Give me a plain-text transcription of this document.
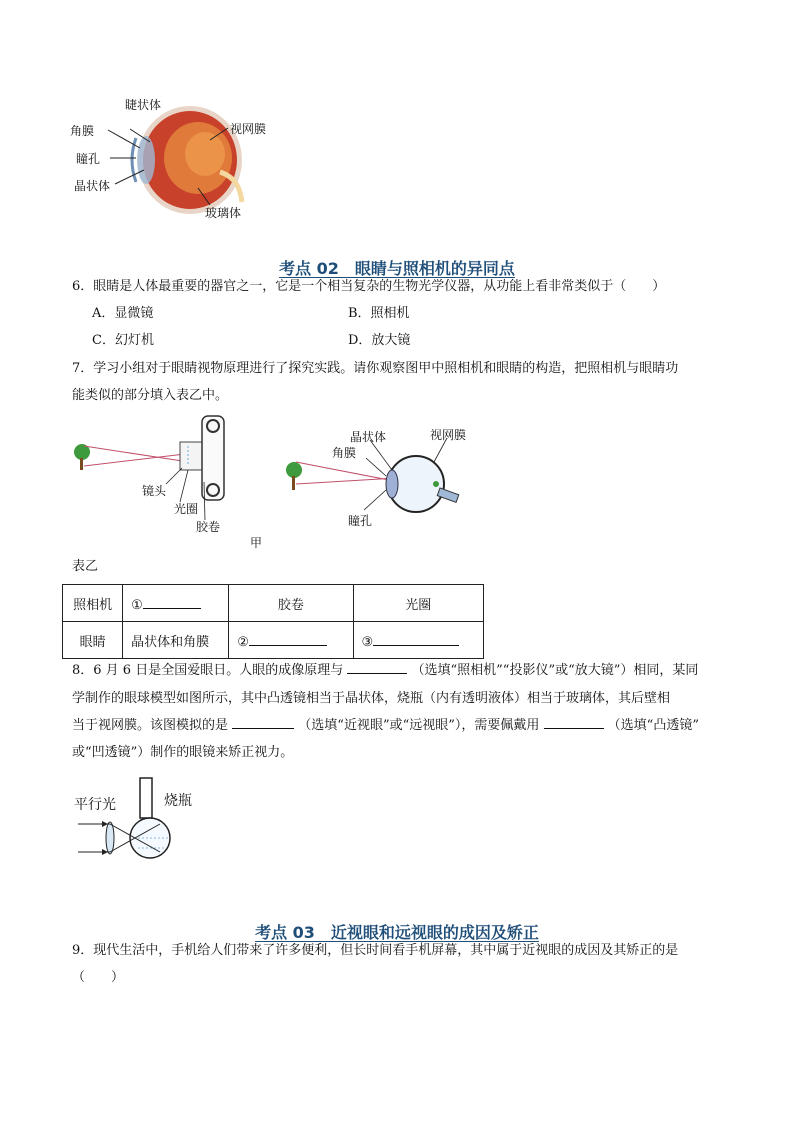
睫状体
角膜
瞳孔
晶状体
视网膜
玻璃体
考点 02　眼睛与照相机的异同点
6．眼睛是人体最重要的器官之一，它是一个相当复杂的生物光学仪器，从功能上看非常类似于（　　）
A．显微镜	B．照相机
C．幻灯机	D．放大镜
7．学习小组对于眼睛视物原理进行了探究实践。请你观察图甲中照相机和眼睛的构造，把照相机与眼睛功
能类似的部分填入表乙中。
镜头
光圈
胶卷
晶状体
角膜
瞳孔
视网膜
甲
表乙
照相机	①	胶卷	光圈
眼睛	晶状体和角膜	②	③
8．6 月 6 日是全国爱眼日。人眼的成像原理与	（选填“照相机”“投影仪”或“放大镜”）相同，某同
学制作的眼球模型如图所示，其中凸透镜相当于晶状体，烧瓶（内有透明液体）相当于玻璃体，其后壁相
当于视网膜。该图模拟的是	（选填“近视眼”或“远视眼”），需要佩戴用	（选填“凸透镜”
或“凹透镜”）制作的眼镜来矫正视力。
平行光	烧瓶
考点 03　近视眼和远视眼的成因及矫正
9．现代生活中，手机给人们带来了许多便利，但长时间看手机屏幕，其中属于近视眼的成因及其矫正的是
（　　）
